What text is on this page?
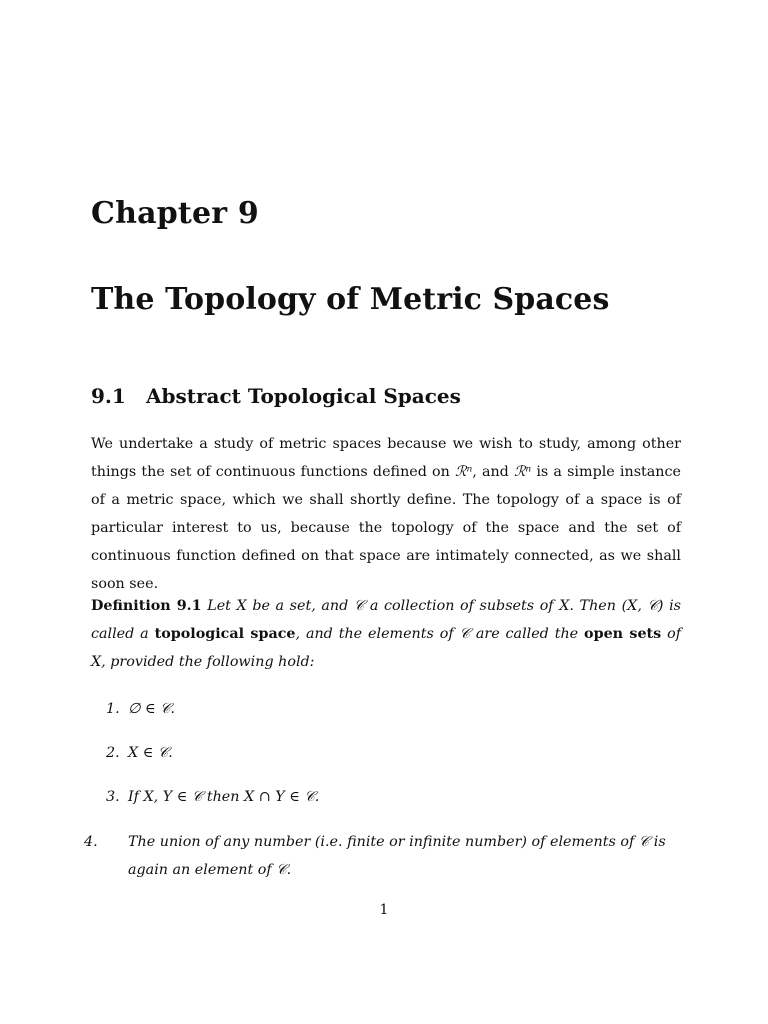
Chapter 9
The Topology of Metric Spaces
9.1 Abstract Topological Spaces
We undertake a study of metric spaces because we wish to study, among other things the set of continuous functions defined on ℛⁿ, and ℛⁿ is a simple instance of a metric space, which we shall shortly define. The topology of a space is of particular interest to us, because the topology of the space and the set of continuous function defined on that space are intimately connected, as we shall soon see.
Definition 9.1 Let X be a set, and 𝒞 a collection of subsets of X. Then (X, 𝒞) is called a topological space, and the elements of 𝒞 are called the open sets of X, provided the following hold:
1. ∅ ∈ 𝒞.
2. X ∈ 𝒞.
3. If X, Y ∈ 𝒞 then X ∩ Y ∈ 𝒞.
4. The union of any number (i.e. finite or infinite number) of elements of 𝒞 is again an element of 𝒞.
1
